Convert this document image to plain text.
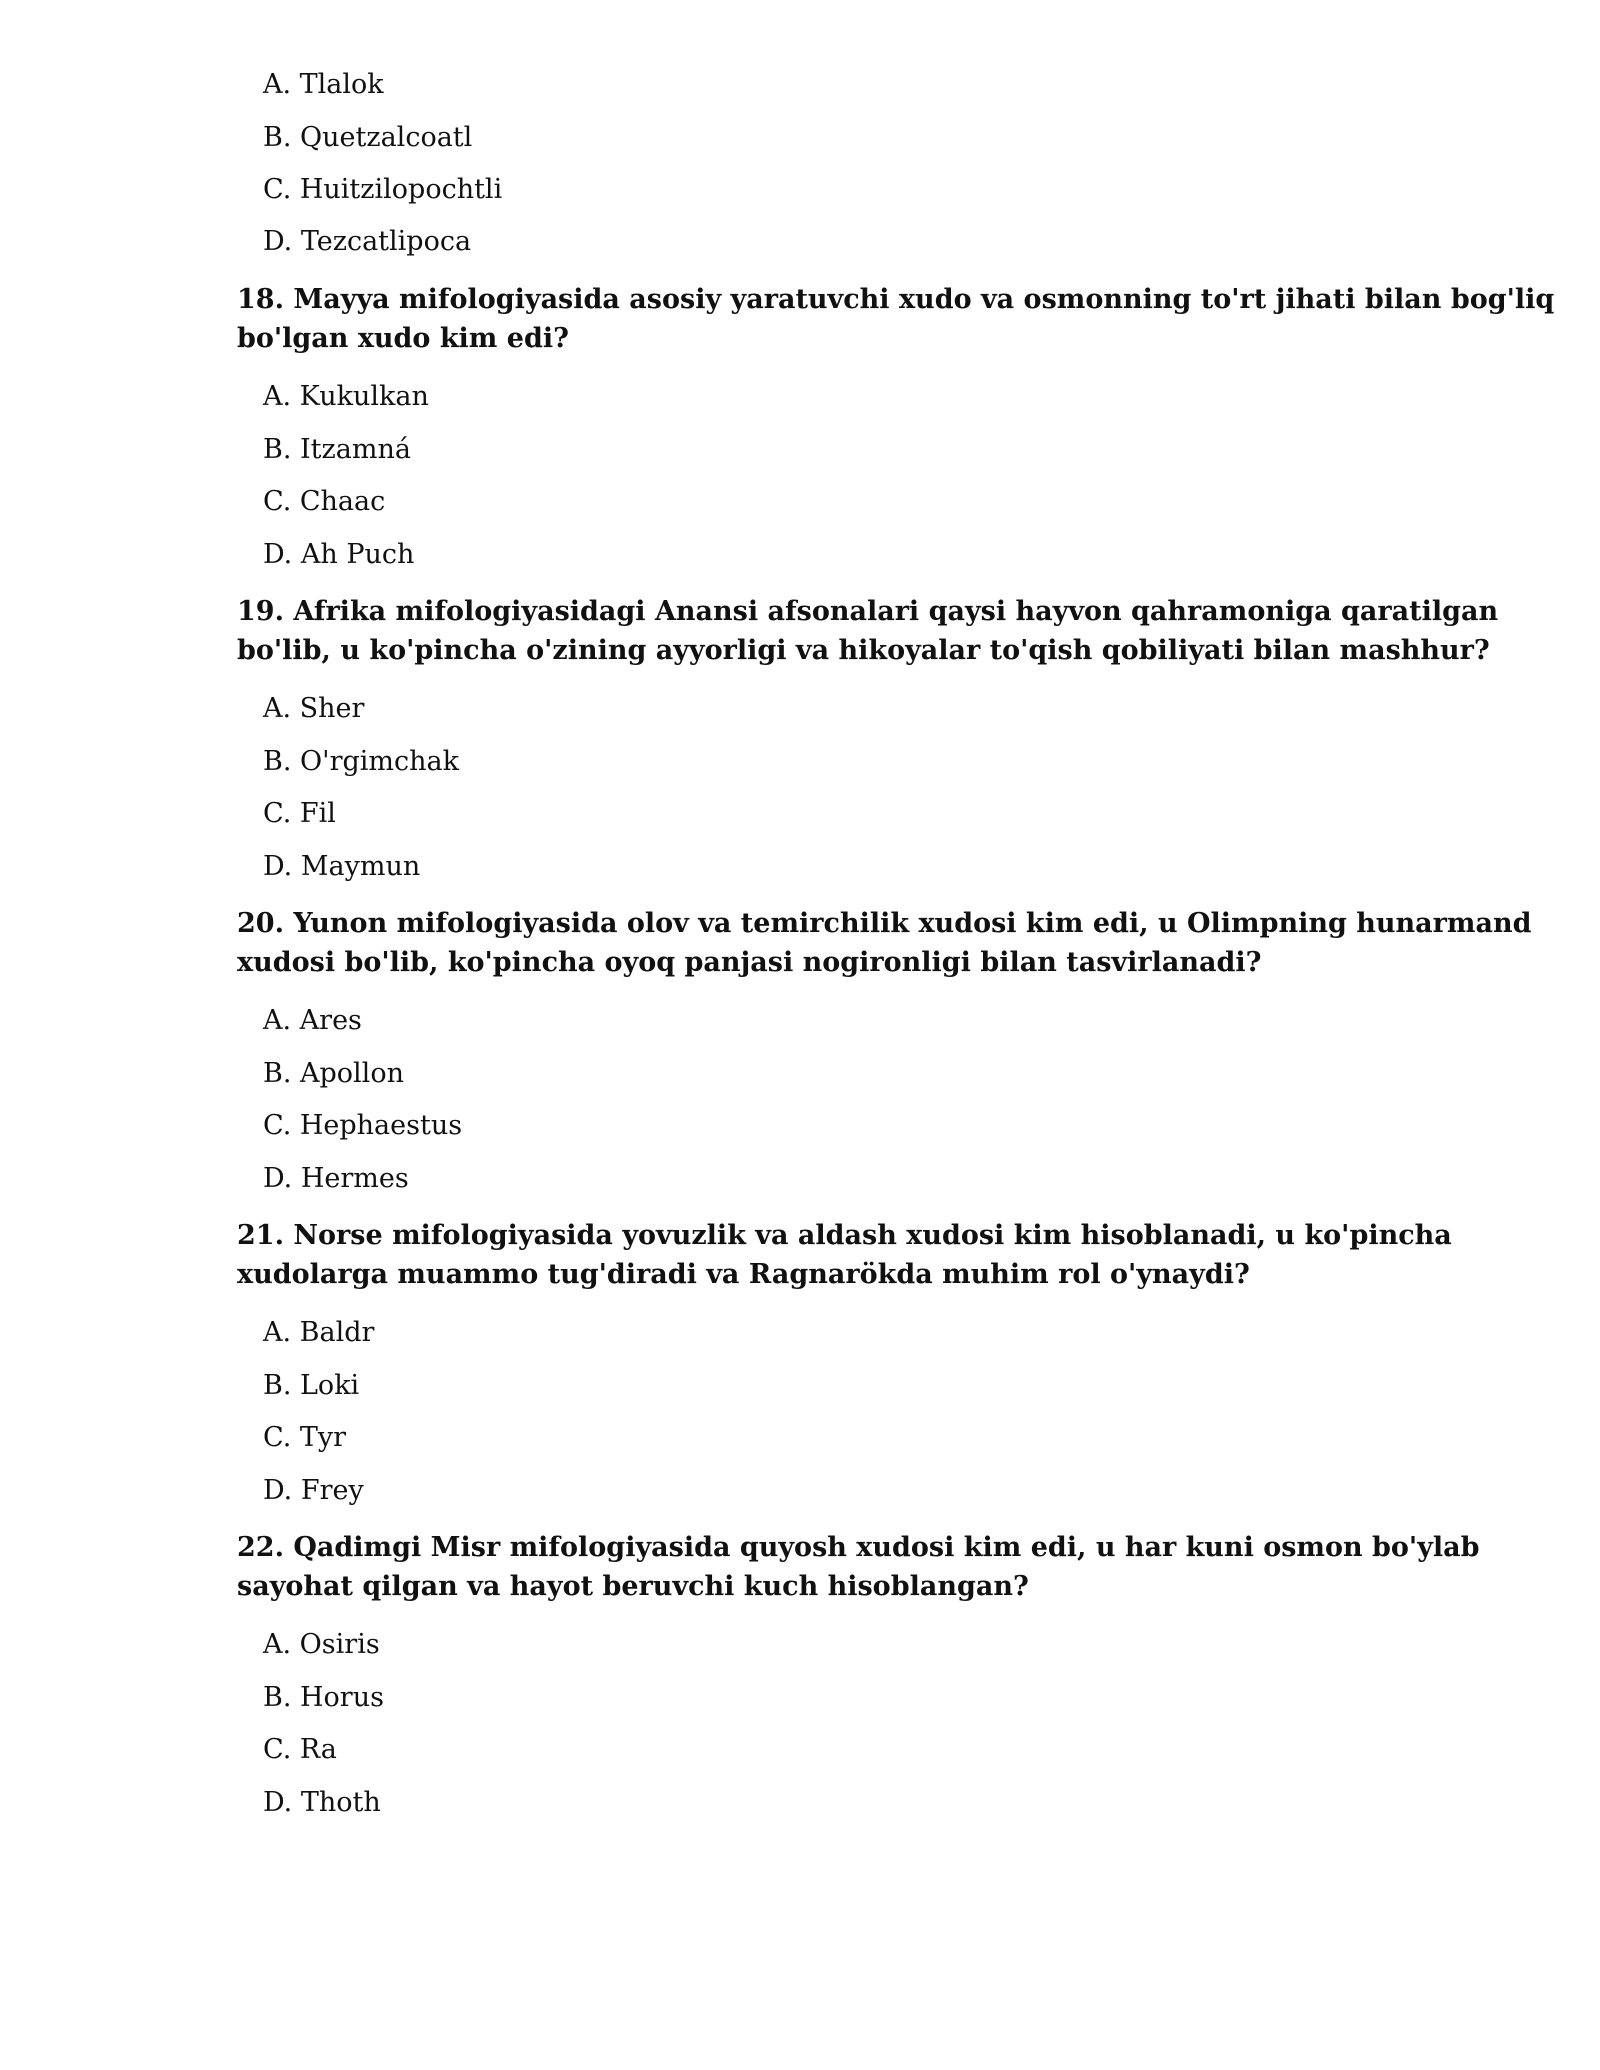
A. Tlalok
B. Quetzalcoatl
C. Huitzilopochtli
D. Tezcatlipoca
18. Mayya mifologiyasida asosiy yaratuvchi xudo va osmonning to'rt jihati bilan bog'liq
bo'lgan xudo kim edi?
A. Kukulkan
B. Itzamná
C. Chaac
D. Ah Puch
19. Afrika mifologiyasidagi Anansi afsonalari qaysi hayvon qahramoniga qaratilgan
bo'lib, u ko'pincha o'zining ayyorligi va hikoyalar to'qish qobiliyati bilan mashhur?
A. Sher
B. O'rgimchak
C. Fil
D. Maymun
20. Yunon mifologiyasida olov va temirchilik xudosi kim edi, u Olimpning hunarmand
xudosi bo'lib, ko'pincha oyoq panjasi nogironligi bilan tasvirlanadi?
A. Ares
B. Apollon
C. Hephaestus
D. Hermes
21. Norse mifologiyasida yovuzlik va aldash xudosi kim hisoblanadi, u ko'pincha
xudolarga muammo tug'diradi va Ragnarökda muhim rol o'ynaydi?
A. Baldr
B. Loki
C. Tyr
D. Frey
22. Qadimgi Misr mifologiyasida quyosh xudosi kim edi, u har kuni osmon bo'ylab
sayohat qilgan va hayot beruvchi kuch hisoblangan?
A. Osiris
B. Horus
C. Ra
D. Thoth
